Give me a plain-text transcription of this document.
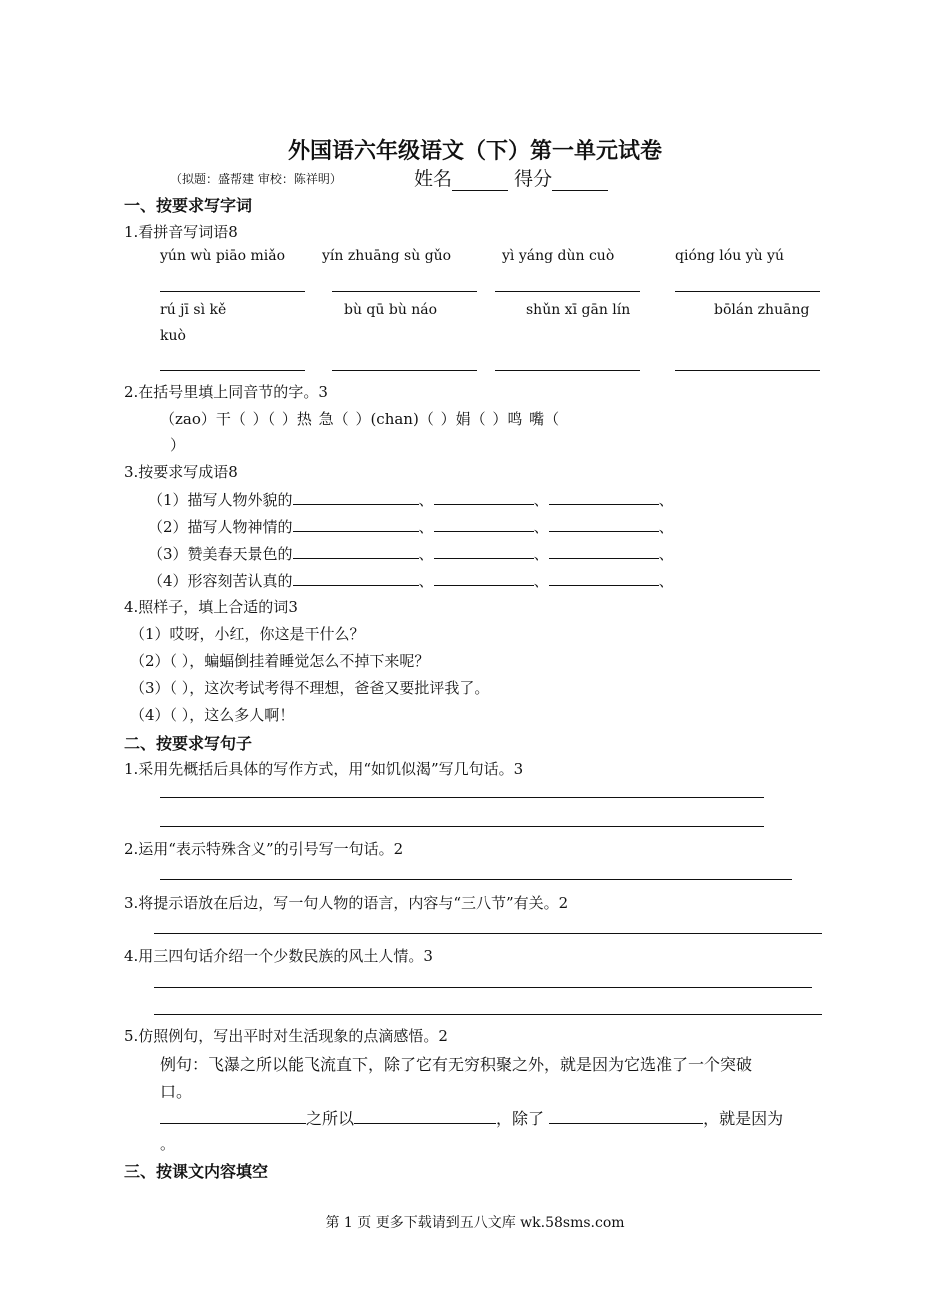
外国语六年级语文（下）第一单元试卷
（拟题：盛帮建 审校：陈祥明）	姓名	得分
一、按要求写字词
1.看拼音写词语8
yún wù piāo miǎo	yín zhuāng sù gǔo	yì yáng dùn cuò	qióng lóu yù yú
rú jī sì kě	bù qū bù náo	shǔn xī gān lín	bōlán zhuāng
kuò
2.在括号里填上同音节的字。3
（zao）干（ ）（ ）热 急（ ）(chan)（ ）娟（ ）鸣 嘴（
）
3.按要求写成语8
（1）描写人物外貌的	、	、	、
（2）描写人物神情的	、	、	、
（3）赞美春天景色的	、	、	、
（4）形容刻苦认真的	、	、	、
4.照样子，填上合适的词3
（1）哎呀，小红，你这是干什么？
（2）（ ），蝙蝠倒挂着睡觉怎么不掉下来呢？
（3）（ ），这次考试考得不理想，爸爸又要批评我了。
（4）（ ），这么多人啊！
二、按要求写句子
1.采用先概括后具体的写作方式，用“如饥似渴”写几句话。3
2.运用“表示特殊含义”的引号写一句话。2
3.将提示语放在后边，写一句人物的语言，内容与“三八节”有关。2
4.用三四句话介绍一个少数民族的风土人情。3
5.仿照例句，写出平时对生活现象的点滴感悟。2
例句：飞瀑之所以能飞流直下，除了它有无穷积聚之外，就是因为它选准了一个突破
口。
之所以	，除了	，就是因为
。
三、按课文内容填空
第 1 页 更多下载请到五八文库 wk.58sms.com
